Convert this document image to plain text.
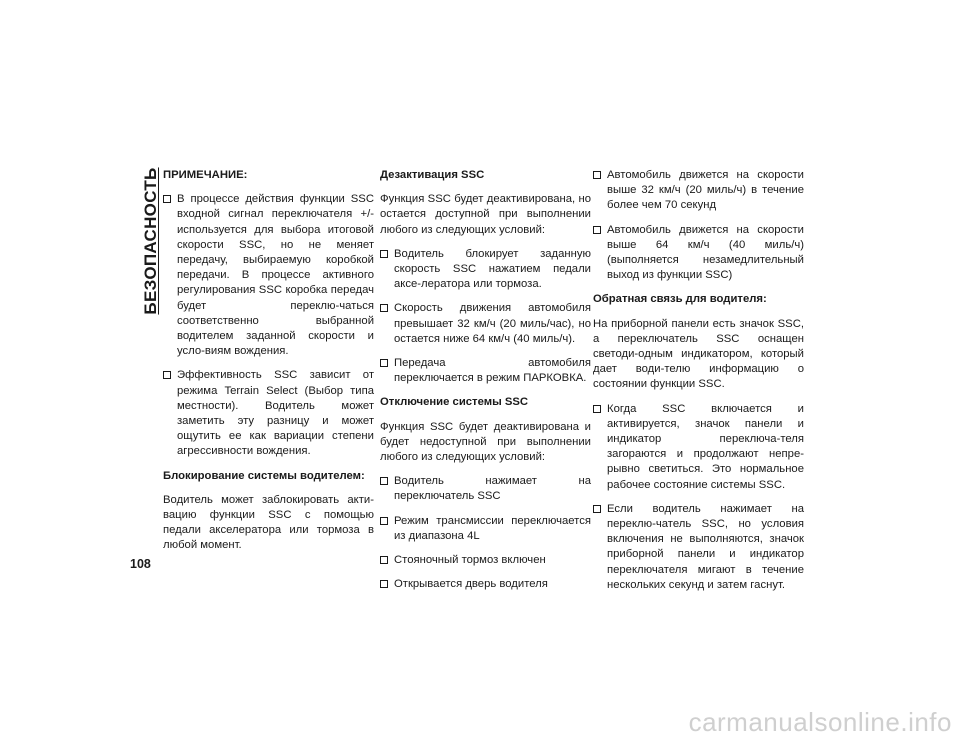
БЕЗОПАСНОСТЬ ПРИМЕЧАНИЕ:
В процессе действия функции SSC входной сигнал переключателя +/- используется для выбора итоговой скорости SSC, но не меняет передачу, выбираемую коробкой передачи. В процессе активного регулирования SSC коробка передач будет переклю-чаться соответственно выбранной водителем заданной скорости и усло-виям вождения.
Эффективность SSC зависит от режима Terrain Select (Выбор типа местности). Водитель может заметить эту разницу и может ощутить ее как вариации степени агрессивности вождения.
Блокирование системы водителем:
Водитель может заблокировать акти-вацию функции SSC с помощью педали акселератора или тормоза в любой момент.
Дезактивация SSC
Функция SSC будет деактивирована, но остается доступной при выполнении любого из следующих условий:
Водитель блокирует заданную скорость SSC нажатием педали аксе-лератора или тормоза.
Скорость движения автомобиля превышает 32 км/ч (20 миль/час), но остается ниже 64 км/ч (40 миль/ч).
Передача автомобиля переключается в режим ПАРКОВКА.
Отключение системы SSC
Функция SSC будет деактивирована и будет недоступной при выполнении любого из следующих условий:
Водитель нажимает на переключатель SSC
Режим трансмиссии переключается из диапазона 4L
Стояночный тормоз включен
Открывается дверь водителя
Автомобиль движется на скорости выше 32 км/ч (20 миль/ч) в течение более чем 70 секунд
Автомобиль движется на скорости выше 64 км/ч (40 миль/ч) (выполняется незамедлительный выход из функции SSC)
Обратная связь для водителя:
На приборной панели есть значок SSC, а переключатель SSC оснащен светоди-одным индикатором, который дает води-телю информацию о состоянии функции SSC.
Когда SSC включается и активируется, значок панели и индикатор переключа-теля загораются и продолжают непре-рывно светиться. Это нормальное рабочее состояние системы SSC.
Если водитель нажимает на переклю-чатель SSC, но условия включения не выполняются, значок приборной панели и индикатор переключателя мигают в течение нескольких секунд и затем гаснут.
108
carmanualsonline.info
